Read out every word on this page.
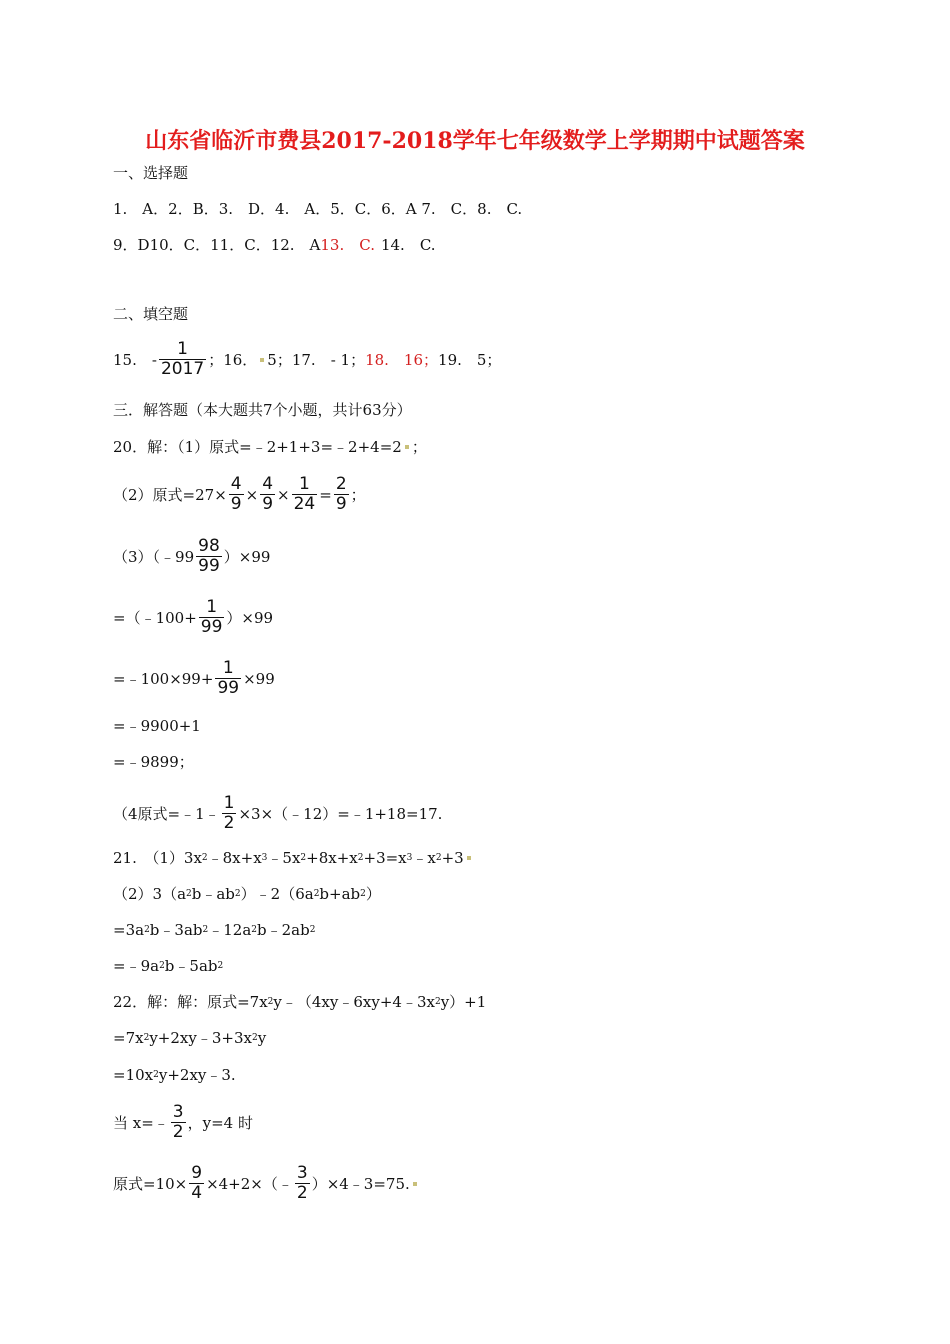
山东省临沂市费县2017-2018学年七年级数学上学期期中试题答案
一、选择题
1.　A．2．B．3.　D．4.　A．5．C．6．A 7.　C．8.　C.
9．D10．C．11．C．12.　A 13.　C. 14.　C.
二、填空题
15.　- $\frac{1}{2017}$ ；16． 5；17.　- 1； 18.　16； 19.　5；
三．解答题（本大题共7个小题，共计63分）
20．解：（1）原式=﹣2+1+3=﹣2+4=2 ；
（2）原式$=27\times \frac{4}{9} \times \frac{4}{9} \times \frac{1}{24} = \frac{2}{9}$ ；
（3）（﹣99 $\frac{98}{99} )\times 99$
=（﹣100+ $\frac{1}{99} )\times 99$
=﹣100×99+ $\frac{1}{99} \times 99$
=﹣9900+1
=﹣9899；
（4原式=﹣1﹣ $\frac{1}{2}$ ×3×（﹣12）=﹣1+18=17.
21.　（1）3x 2 ﹣8x+x 3 ﹣5x 2 +8x+x 2 +3=x 3 ﹣x 2 +3
（2）3（a 2 b﹣ab 2 ）﹣2（6a 2 b+ab 2 ）
=3a 2 b﹣3ab 2 ﹣12a 2 b﹣2ab 2
=﹣9a 2 b﹣5ab 2
22．解：解：原式=7x 2 y﹣（4xy﹣6xy+4﹣3x 2 y）+1
=7x 2 y+2xy﹣3+3x 2 y
=10x 2 y+2xy﹣3.
当 x=﹣ $\frac{3}{2}$ ，y=4 时
原式$=10\times \frac{9}{4}$ ×4+2×（﹣ $\frac{3}{2}$ ）×4﹣3 =75.
